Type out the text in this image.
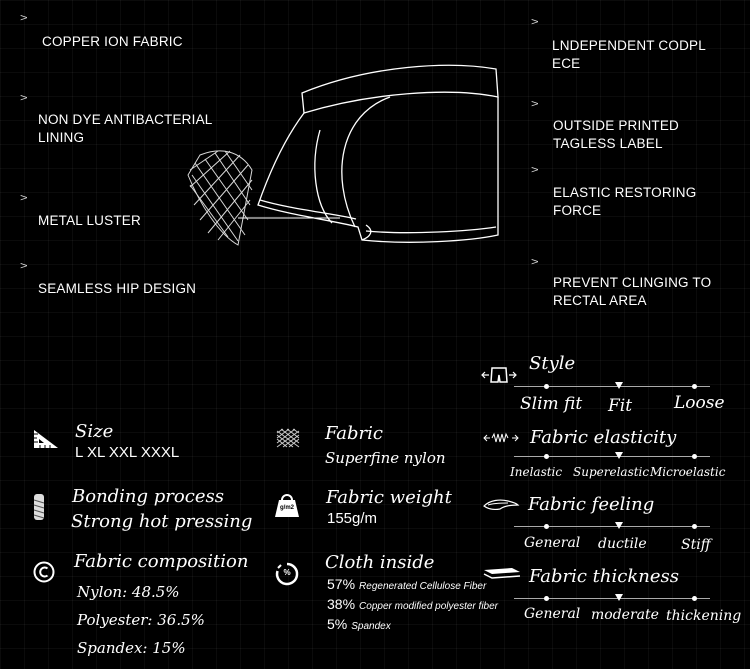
>
COPPER ION FABRIC
>
NON DYE ANTIBACTERIAL LINING
>
METAL LUSTER
>
SEAMLESS HIP DESIGN
>
LNDEPENDENT CODPL ECE
>
OUTSIDE PRINTED TAGLESS LABEL
>
ELASTIC RESTORING FORCE
>
PREVENT CLINGING TO RECTAL AREA
Size
L XL XXL XXXL
Bonding process
Strong hot pressing
Fabric composition
Nylon: 48.5%
Polyester: 36.5%
Spandex: 15%
Fabric
Superfine nylon
g/m2	Fabric weight
155g/m
%	Cloth inside
57% Regenerated Cellulose Fiber
38% Copper modified polyester fiber
5% Spandex
Style
Slim fit Fit Loose
Fabric elasticity
Inelastic Superelastic Microelastic
Fabric feeling
General ductile Stiff
Fabric thickness
General moderate thickening
